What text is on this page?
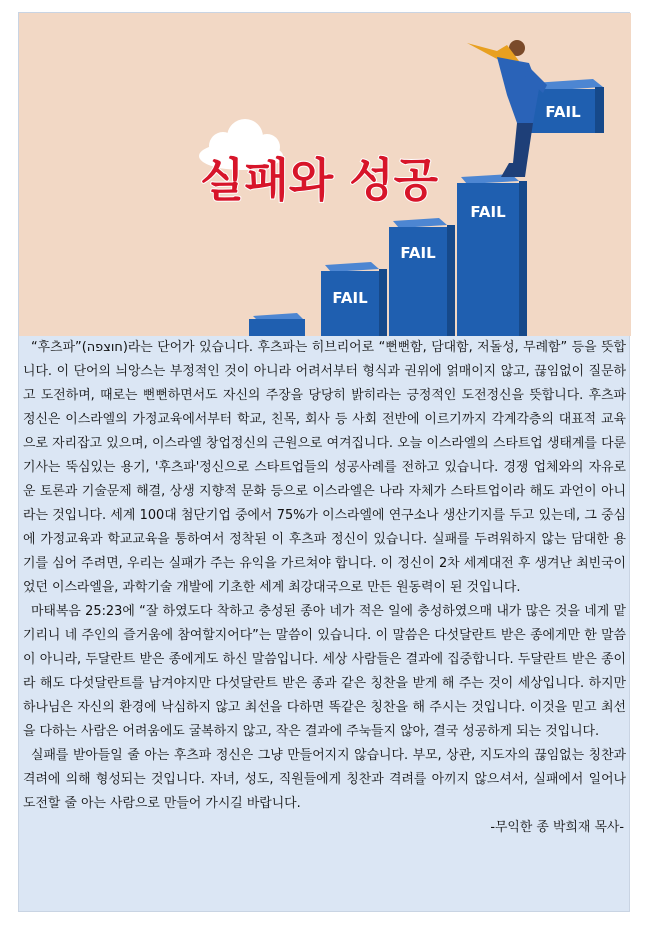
실패와 성공
FAIL
FAIL
FAIL
FAIL

“후츠파”(חוצפה)라는 단어가 있습니다. 후츠파는 히브리어로 “뻔뻔함, 담대함, 저돌성, 무례함” 등을 뜻합니다. 이 단어의 늬앙스는 부정적인 것이 아니라 어려서부터 형식과 권위에 얽매이지 않고, 끊임없이 질문하고 도전하며, 때로는 뻔뻔하면서도 자신의 주장을 당당히 밝히라는 긍정적인 도전정신을 뜻합니다. 후츠파 정신은 이스라엘의 가정교육에서부터 학교, 친목, 회사 등 사회 전반에 이르기까지 각계각층의 대표적 교육으로 자리잡고 있으며, 이스라엘 창업정신의 근원으로 여겨집니다. 오늘 이스라엘의 스타트업 생태계를 다룬 기사는 뚝심있는 용기, '후츠파'정신으로 스타트업들의 성공사례를 전하고 있습니다. 경쟁 업체와의 자유로운 토론과 기술문제 해결, 상생 지향적 문화 등으로 이스라엘은 나라 자체가 스타트업이라 해도 과언이 아니라는 것입니다. 세계 100대 첨단기업 중에서 75%가 이스라엘에 연구소나 생산기지를 두고 있는데, 그 중심에 가정교육과 학교교육을 통하여서 정착된 이 후츠파 정신이 있습니다. 실패를 두려워하지 않는 담대한 용기를 심어 주려면, 우리는 실패가 주는 유익을 가르쳐야 합니다. 이 정신이 2차 세계대전 후 생겨난 최빈국이었던 이스라엘을, 과학기술 개발에 기초한 세계 최강대국으로 만든 원동력이 된 것입니다.

마태복음 25:23에 “잘 하였도다 착하고 충성된 종아 네가 적은 일에 충성하였으매 내가 많은 것을 네게 맡기리니 네 주인의 즐거움에 참여할지어다”는 말씀이 있습니다. 이 말씀은 다섯달란트 받은 종에게만 한 말씀이 아니라, 두달란트 받은 종에게도 하신 말씀입니다. 세상 사람들은 결과에 집중합니다. 두달란트 받은 종이라 해도 다섯달란트를 남겨야지만 다섯달란트 받은 종과 같은 칭찬을 받게 해 주는 것이 세상입니다. 하지만 하나님은 자신의 환경에 낙심하지 않고 최선을 다하면 똑같은 칭찬을 해 주시는 것입니다. 이것을 믿고 최선을 다하는 사람은 어려움에도 굴복하지 않고, 작은 결과에 주눅들지 않아, 결국 성공하게 되는 것입니다.

실패를 받아들일 줄 아는 후츠파 정신은 그냥 만들어지지 않습니다. 부모, 상관, 지도자의 끊임없는 칭찬과 격려에 의해 형성되는 것입니다. 자녀, 성도, 직원들에게 칭찬과 격려를 아끼지 않으셔서, 실패에서 일어나 도전할 줄 아는 사람으로 만들어 가시길 바랍니다.

-무익한 종 박희재 목사-
